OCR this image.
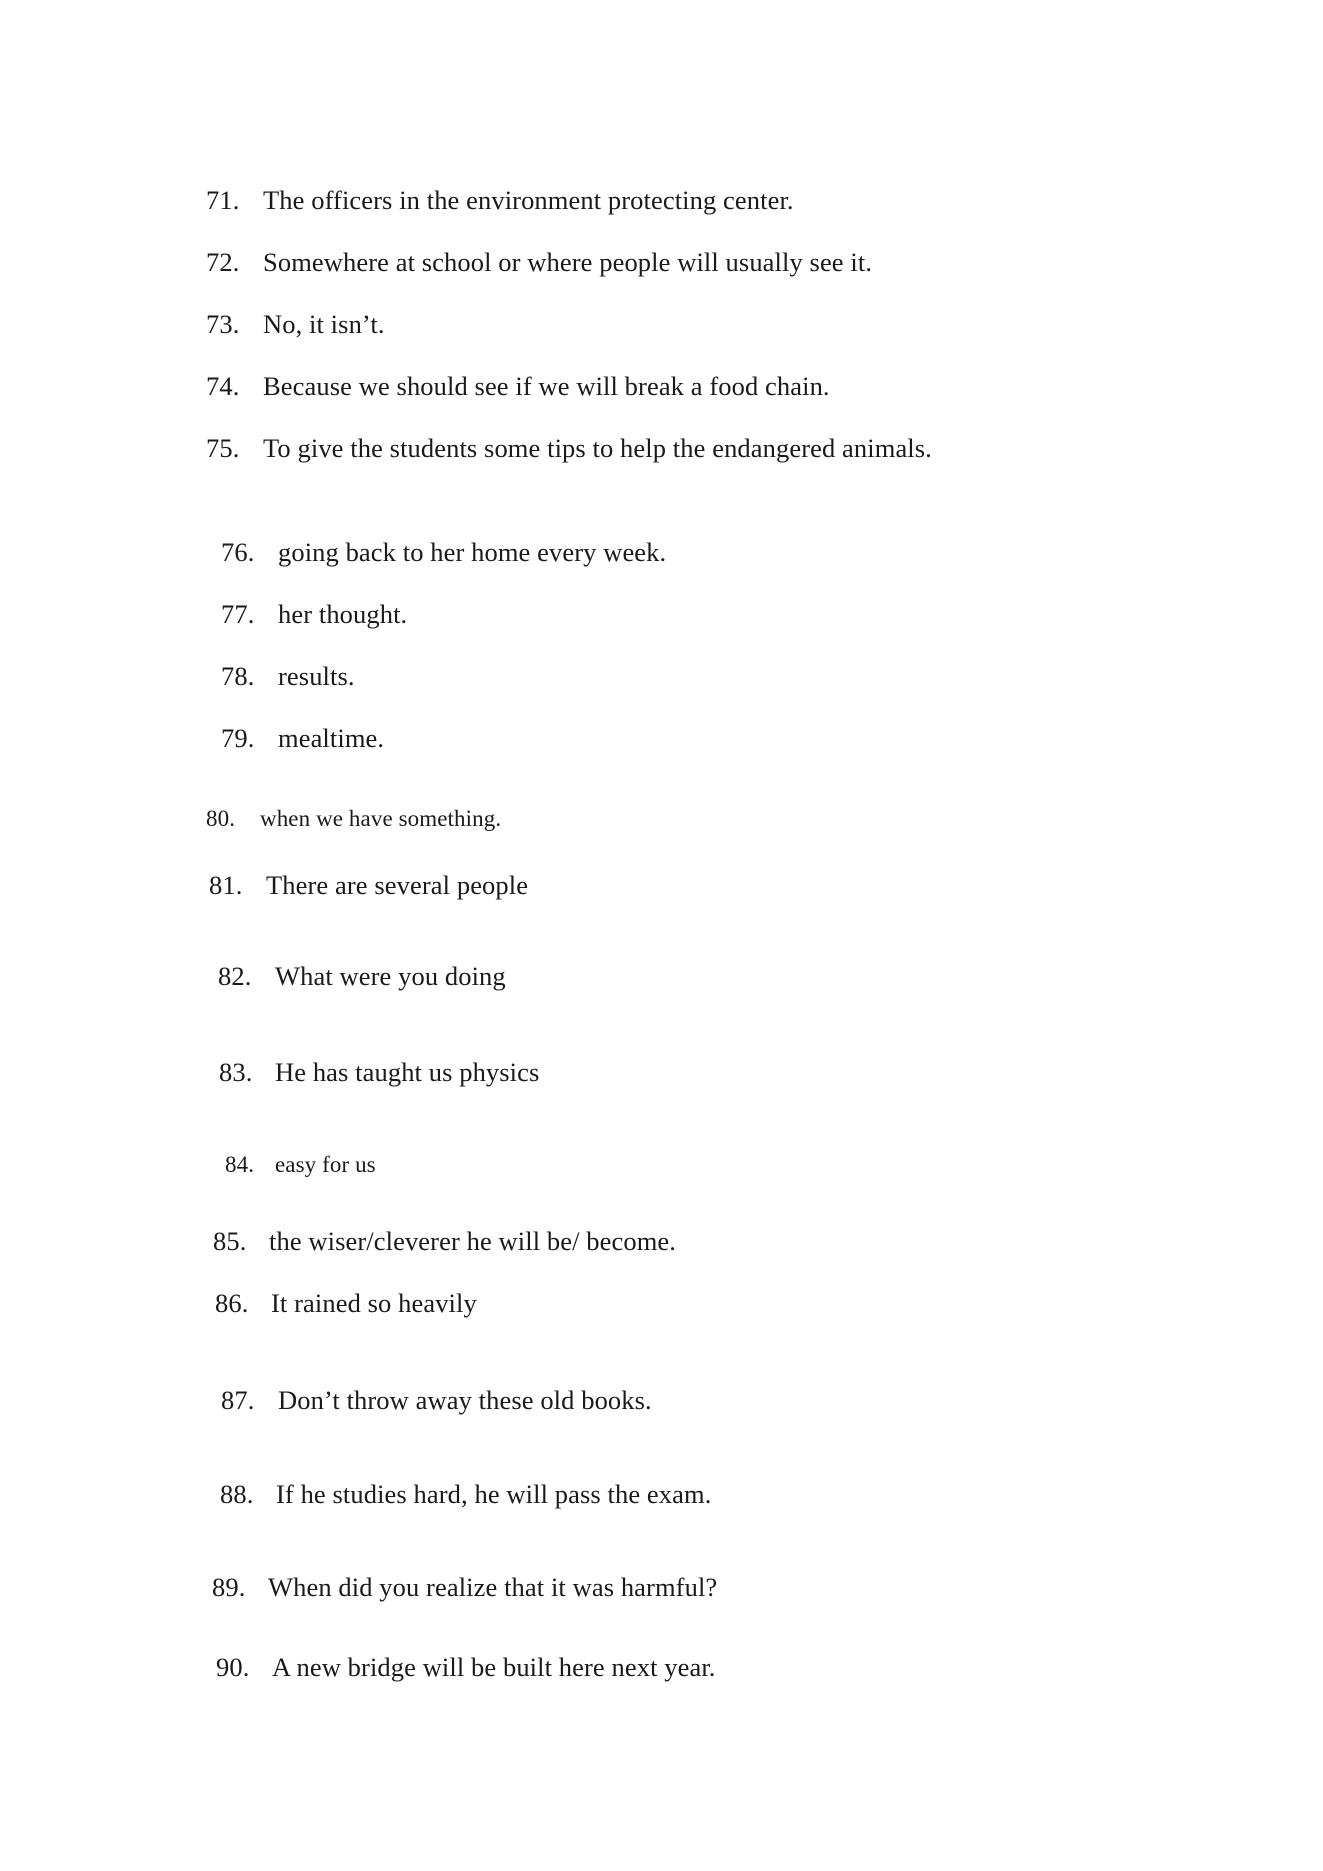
71. The officers in the environment protecting center.
72. Somewhere at school or where people will usually see it.
73. No, it isn’t.
74. Because we should see if we will break a food chain.
75. To give the students some tips to help the endangered animals.
76. going back to her home every week.
77. her thought.
78. results.
79. mealtime.
80. when we have something.
81. There are several people
82. What were you doing
83. He has taught us physics
84. easy for us
85. the wiser/cleverer he will be/ become.
86. It rained so heavily
87. Don’t throw away these old books.
88. If he studies hard, he will pass the exam.
89. When did you realize that it was harmful?
90. A new bridge will be built here next year.
